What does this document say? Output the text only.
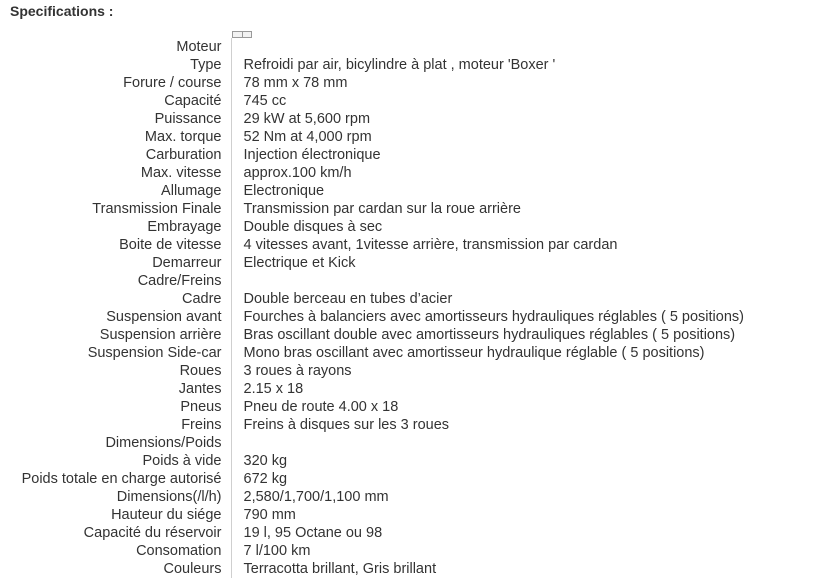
Specifications :
Moteur	
Type	Refroidi par air, bicylindre à plat , moteur 'Boxer '
Forure / course	78 mm x 78 mm
Capacité	745 cc
Puissance	29 kW at 5,600 rpm
Max. torque	52 Nm at 4,000 rpm
Carburation	Injection électronique
Max. vitesse	approx.100 km/h
Allumage	Electronique
Transmission Finale	Transmission par cardan sur la roue arrière
Embrayage	Double disques à sec
Boite de vitesse	4 vitesses avant, 1vitesse arrière, transmission par cardan
Demarreur	Electrique et Kick
Cadre/Freins	
Cadre	Double berceau en tubes d’acier
Suspension avant	Fourches à balanciers avec amortisseurs hydrauliques réglables ( 5 positions)
Suspension arrière	Bras oscillant double avec amortisseurs hydrauliques réglables ( 5 positions)
Suspension Side-car	Mono bras oscillant avec amortisseur hydraulique réglable ( 5 positions)
Roues	3 roues à rayons
Jantes	2.15 x 18
Pneus	Pneu de route 4.00 x 18
Freins	Freins à disques sur les 3 roues
Dimensions/Poids	
Poids à vide	320 kg
Poids totale en charge autorisé	672 kg
Dimensions(/l/h)	2,580/1,700/1,100 mm
Hauteur du siége	790 mm
Capacité du réservoir	19 l, 95 Octane ou 98
Consomation	7 l/100 km
Couleurs	Terracotta brillant, Gris brillant
